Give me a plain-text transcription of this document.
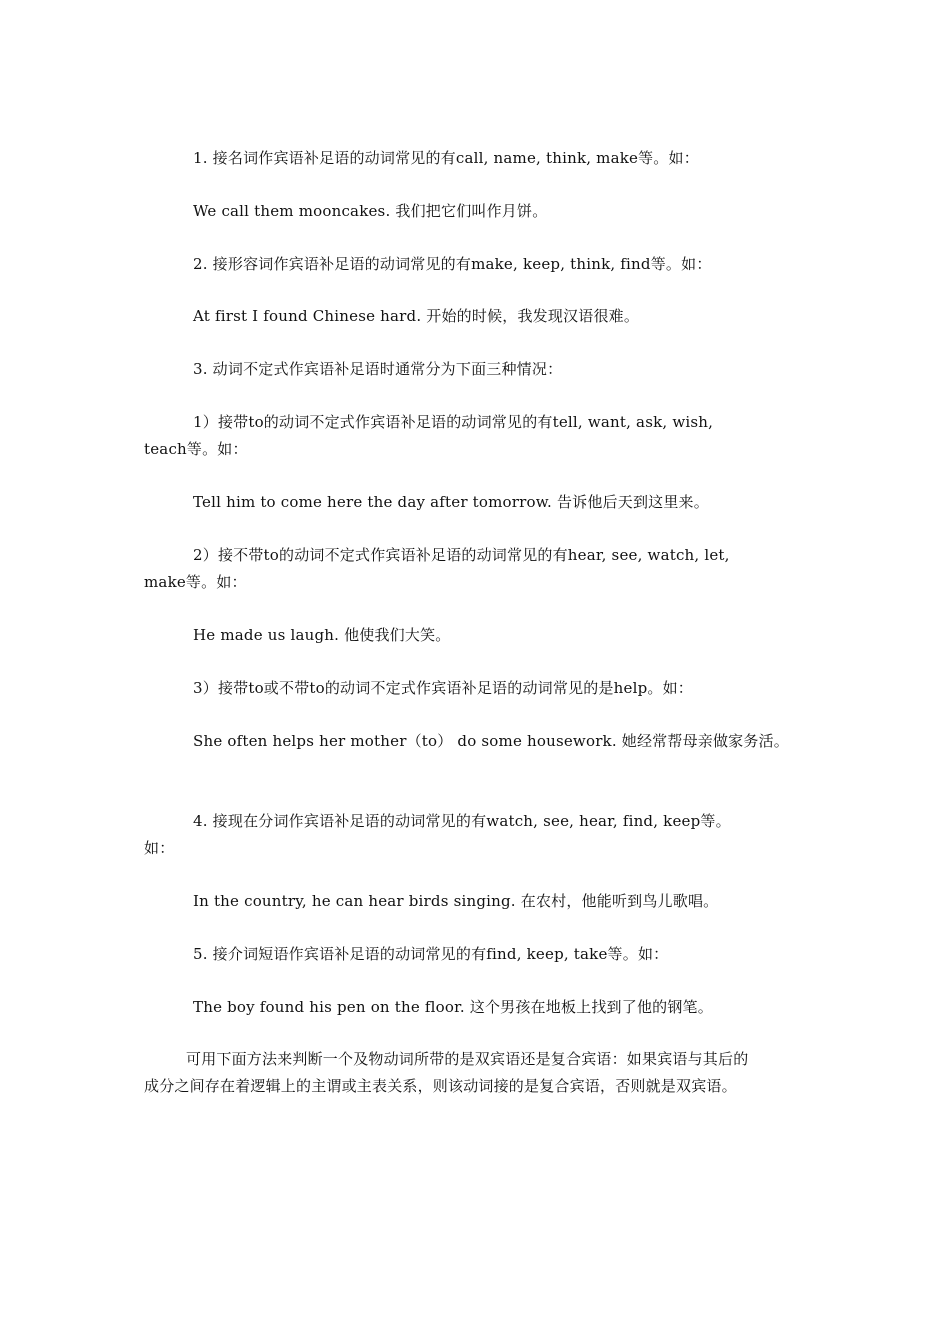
1. 接名词作宾语补足语的动词常见的有call, name, think, make等。如：
We call them mooncakes. 我们把它们叫作月饼。
2. 接形容词作宾语补足语的动词常见的有make, keep, think, find等。如：
At first I found Chinese hard. 开始的时候，我发现汉语很难。
3. 动词不定式作宾语补足语时通常分为下面三种情况：
1）接带to的动词不定式作宾语补足语的动词常见的有tell, want, ask, wish,
teach等。如：
Tell him to come here the day after tomorrow. 告诉他后天到这里来。
2）接不带to的动词不定式作宾语补足语的动词常见的有hear, see, watch, let,
make等。如：
He made us laugh. 他使我们大笑。
3）接带to或不带to的动词不定式作宾语补足语的动词常见的是help。如：
She often helps her mother（to） do some housework. 她经常帮母亲做家务活。
4. 接现在分词作宾语补足语的动词常见的有watch, see, hear, find, keep等。
如：
In the country, he can hear birds singing. 在农村，他能听到鸟儿歌唱。
5. 接介词短语作宾语补足语的动词常见的有find, keep, take等。如：
The boy found his pen on the floor. 这个男孩在地板上找到了他的钢笔。
可用下面方法来判断一个及物动词所带的是双宾语还是复合宾语：如果宾语与其后的
成分之间存在着逻辑上的主谓或主表关系，则该动词接的是复合宾语，否则就是双宾语。
